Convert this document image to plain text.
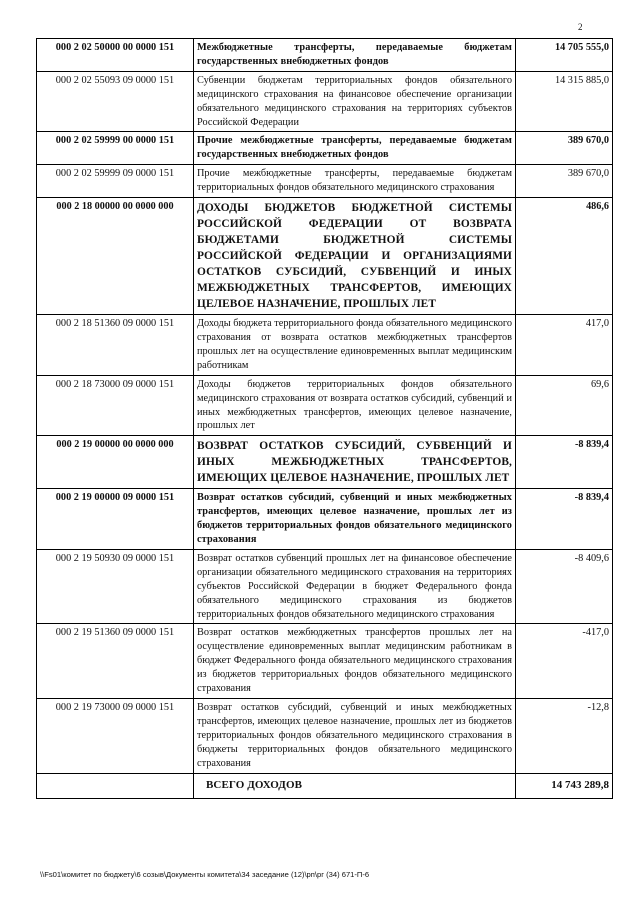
2
000 2 02 50000 00 0000 151	Межбюджетные трансферты, передаваемые бюджетам государственных внебюджетных фондов	14 705 555,0
000 2 02 55093 09 0000 151	Субвенции бюджетам территориальных фондов обязательного медицинского страхования на финансовое обеспечение организации обязательного медицинского страхования на территориях субъектов Российской Федерации	14 315 885,0
000 2 02 59999 00 0000 151	Прочие межбюджетные трансферты, передаваемые бюджетам государственных внебюджетных фондов	389 670,0
000 2 02 59999 09 0000 151	Прочие межбюджетные трансферты, передаваемые бюджетам территориальных фондов обязательного медицинского страхования	389 670,0
000 2 18 00000 00 0000 000	ДОХОДЫ БЮДЖЕТОВ БЮДЖЕТНОЙ СИСТЕМЫ РОССИЙСКОЙ ФЕДЕРАЦИИ ОТ ВОЗВРАТА БЮДЖЕТАМИ БЮДЖЕТНОЙ СИСТЕМЫ РОССИЙСКОЙ ФЕДЕРАЦИИ И ОРГАНИЗАЦИЯМИ ОСТАТКОВ СУБСИДИЙ, СУБВЕНЦИЙ И ИНЫХ МЕЖБЮДЖЕТНЫХ ТРАНСФЕРТОВ, ИМЕЮЩИХ ЦЕЛЕВОЕ НАЗНАЧЕНИЕ, ПРОШЛЫХ ЛЕТ	486,6
000 2 18 51360 09 0000 151	Доходы бюджета территориального фонда обязательного медицинского страхования от возврата остатков межбюджетных трансфертов прошлых лет на осуществление единовременных выплат медицинским работникам	417,0
000 2 18 73000 09 0000 151	Доходы бюджетов территориальных фондов обязательного медицинского страхования от возврата остатков субсидий, субвенций и иных межбюджетных трансфертов, имеющих целевое назначение, прошлых лет	69,6
000 2 19 00000 00 0000 000	ВОЗВРАТ ОСТАТКОВ СУБСИДИЙ, СУБВЕНЦИЙ И ИНЫХ МЕЖБЮДЖЕТНЫХ ТРАНСФЕРТОВ, ИМЕЮЩИХ ЦЕЛЕВОЕ НАЗНАЧЕНИЕ, ПРОШЛЫХ ЛЕТ	-8 839,4
000 2 19 00000 09 0000 151	Возврат остатков субсидий, субвенций и иных межбюджетных трансфертов, имеющих целевое назначение, прошлых лет из бюджетов территориальных фондов обязательного медицинского страхования	-8 839,4
000 2 19 50930 09 0000 151	Возврат остатков субвенций прошлых лет на финансовое обеспечение организации обязательного медицинского страхования на территориях субъектов Российской Федерации в бюджет Федерального фонда обязательного медицинского страхования из бюджетов территориальных фондов обязательного медицинского страхования	-8 409,6
000 2 19 51360 09 0000 151	Возврат остатков межбюджетных трансфертов прошлых лет на осуществление единовременных выплат медицинским работникам в бюджет Федерального фонда обязательного медицинского страхования из бюджетов территориальных фондов обязательного медицинского страхования	-417,0
000 2 19 73000 09 0000 151	Возврат остатков субсидий, субвенций и иных межбюджетных трансфертов, имеющих целевое назначение, прошлых лет из бюджетов территориальных фондов обязательного медицинского страхования в бюджеты территориальных фондов обязательного медицинского страхования	-12,8
	ВСЕГО ДОХОДОВ	14 743 289,8
\\Fs01\комитет по бюджету\6 созыв\Документы комитета\34 заседание (12)\рп\рг (34) 671-П-6
